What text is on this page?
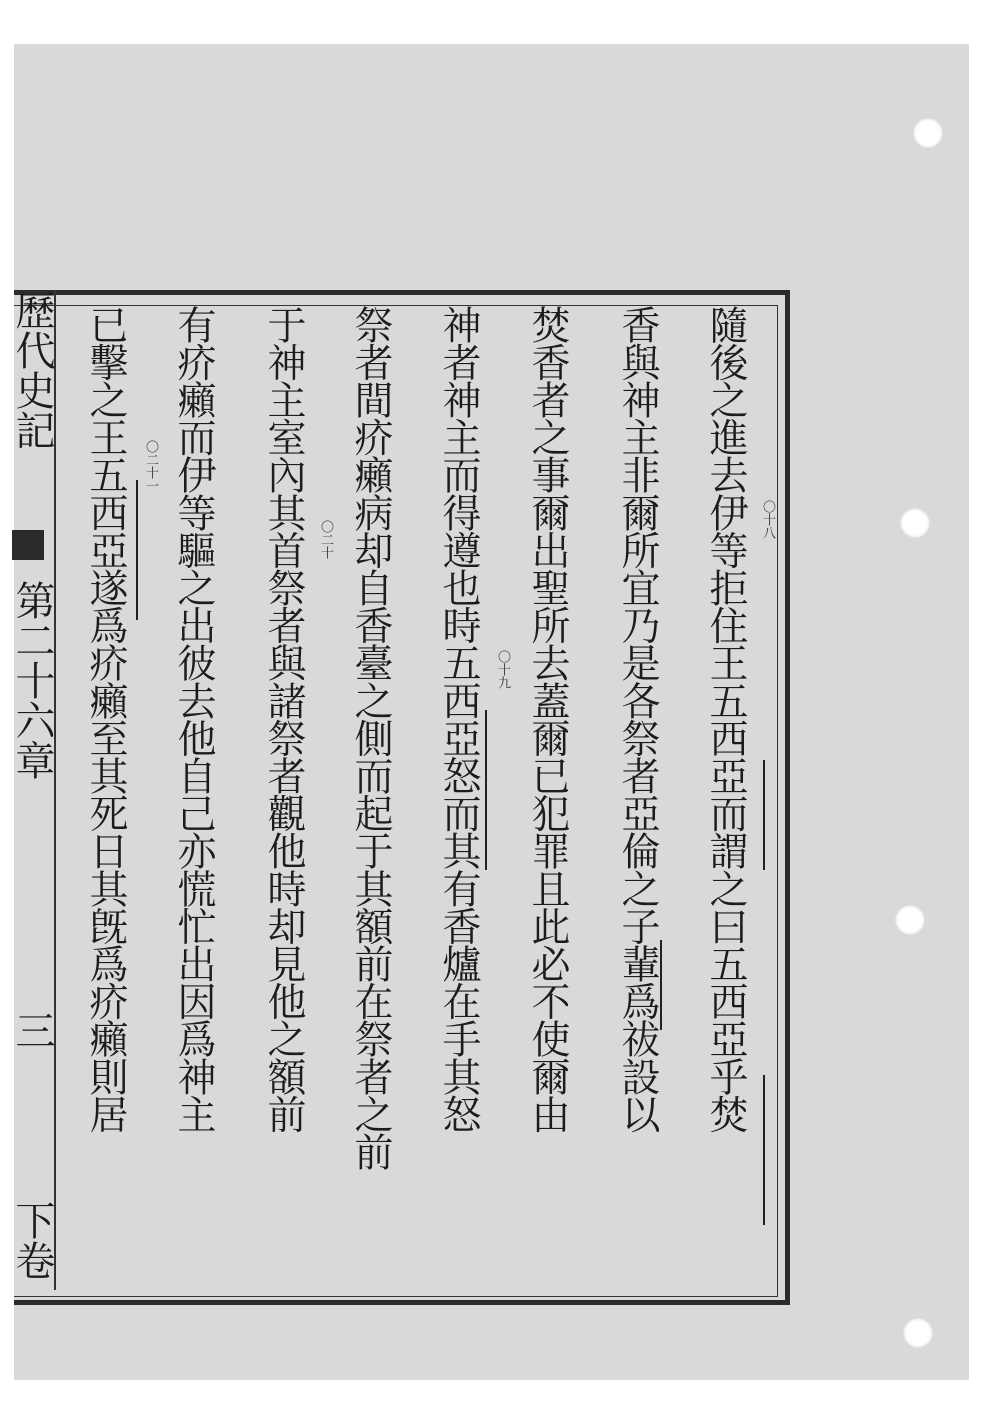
歷代史記
第二十六章
三
下卷
隨後之進去伊等拒住王五西亞而謂之曰五西亞乎焚
香與神主非爾所宜乃是各祭者亞倫之子輩爲祓設以
焚香者之事爾出聖所去蓋爾已犯罪且此必不使爾由
神者神主而得遵也時五西亞怒而其有香爐在手其怒
祭者間疥癩病却自香臺之側而起于其額前在祭者之前
于神主室內其首祭者與諸祭者觀他時却見他之額前
有疥癩而伊等驅之出彼去他自己亦慌忙出因爲神主
已擊之王五西亞遂爲疥癩至其死日其旣爲疥癩則居	〇十八
〇十九
〇二十
〇二十一
